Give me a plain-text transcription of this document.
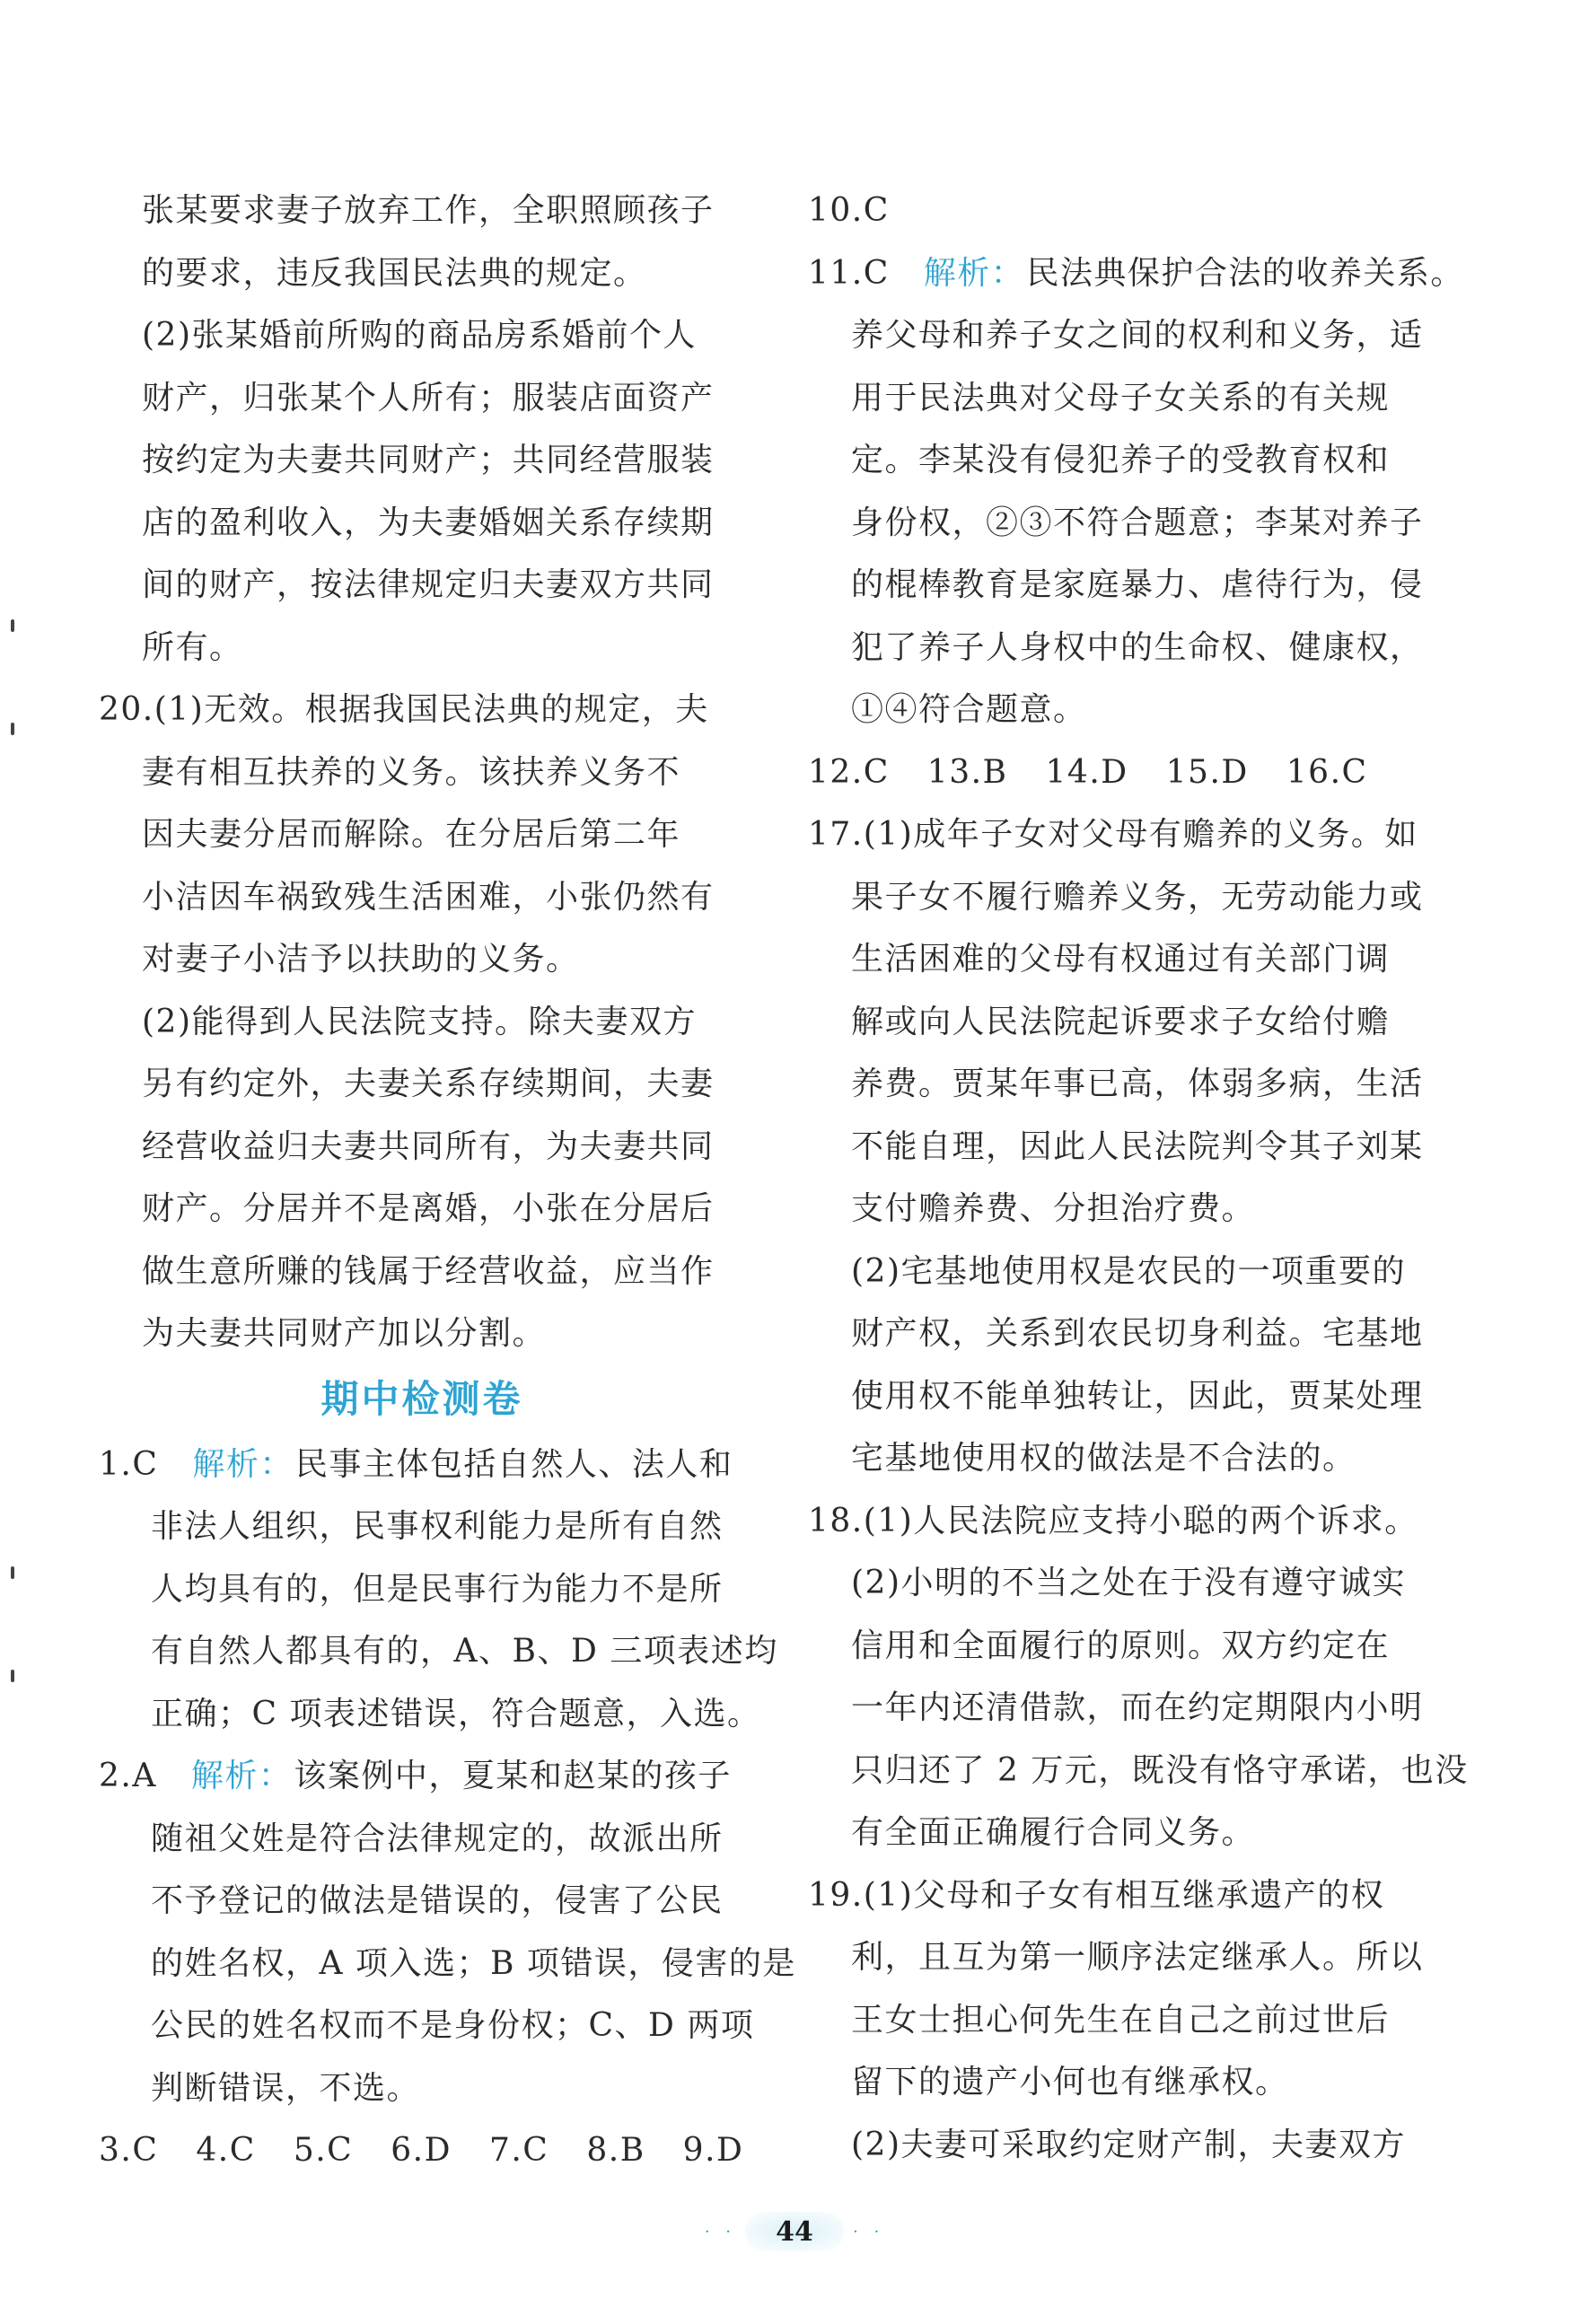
张某要求妻子放弃工作，全职照顾孩子
的要求，违反我国民法典的规定。
(2)张某婚前所购的商品房系婚前个人
财产，归张某个人所有；服装店面资产
按约定为夫妻共同财产；共同经营服装
店的盈利收入，为夫妻婚姻关系存续期
间的财产，按法律规定归夫妻双方共同
所有。
20.(1)无效。根据我国民法典的规定，夫
妻有相互扶养的义务。该扶养义务不
因夫妻分居而解除。在分居后第二年
小洁因车祸致残生活困难，小张仍然有
对妻子小洁予以扶助的义务。
(2)能得到人民法院支持。除夫妻双方
另有约定外，夫妻关系存续期间，夫妻
经营收益归夫妻共同所有，为夫妻共同
财产。分居并不是离婚，小张在分居后
做生意所赚的钱属于经营收益，应当作
为夫妻共同财产加以分割。
期中检测卷
1.C 解析：民事主体包括自然人、法人和
非法人组织，民事权利能力是所有自然
人均具有的，但是民事行为能力不是所
有自然人都具有的，A、B、D 三项表述均
正确；C 项表述错误，符合题意，入选。
2.A 解析：该案例中，夏某和赵某的孩子
随祖父姓是符合法律规定的，故派出所
不予登记的做法是错误的，侵害了公民
的姓名权，A 项入选；B 项错误，侵害的是
公民的姓名权而不是身份权；C、D 两项
判断错误，不选。
3.C 4.C 5.C 6.D 7.C 8.B 9.D
10.C
11.C 解析：民法典保护合法的收养关系。
养父母和养子女之间的权利和义务，适
用于民法典对父母子女关系的有关规
定。李某没有侵犯养子的受教育权和
身份权，②③不符合题意；李某对养子
的棍棒教育是家庭暴力、虐待行为，侵
犯了养子人身权中的生命权、健康权，
①④符合题意。
12.C 13.B 14.D 15.D 16.C
17.(1)成年子女对父母有赡养的义务。如
果子女不履行赡养义务，无劳动能力或
生活困难的父母有权通过有关部门调
解或向人民法院起诉要求子女给付赡
养费。贾某年事已高，体弱多病，生活
不能自理，因此人民法院判令其子刘某
支付赡养费、分担治疗费。
(2)宅基地使用权是农民的一项重要的
财产权，关系到农民切身利益。宅基地
使用权不能单独转让，因此，贾某处理
宅基地使用权的做法是不合法的。
18.(1)人民法院应支持小聪的两个诉求。
(2)小明的不当之处在于没有遵守诚实
信用和全面履行的原则。双方约定在
一年内还清借款，而在约定期限内小明
只归还了 2 万元，既没有恪守承诺，也没
有全面正确履行合同义务。
19.(1)父母和子女有相互继承遗产的权
利，且互为第一顺序法定继承人。所以
王女士担心何先生在自己之前过世后
留下的遗产小何也有继承权。
(2)夫妻可采取约定财产制，夫妻双方
· ·	44	· ·
